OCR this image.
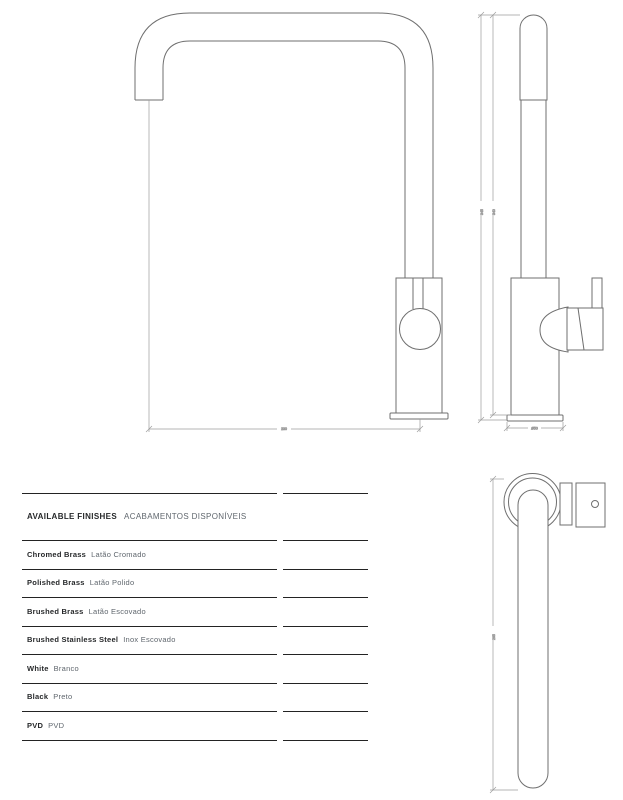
230
345 340
Ø50
265
AVAILABLE FINISHES ACABAMENTOS DISPONÍVEIS
Chromed Brass Latão Cromado
Polished Brass Latão Polido
Brushed Brass Latão Escovado
Brushed Stainless Steel Inox Escovado
White Branco
Black Preto
PVD PVD
